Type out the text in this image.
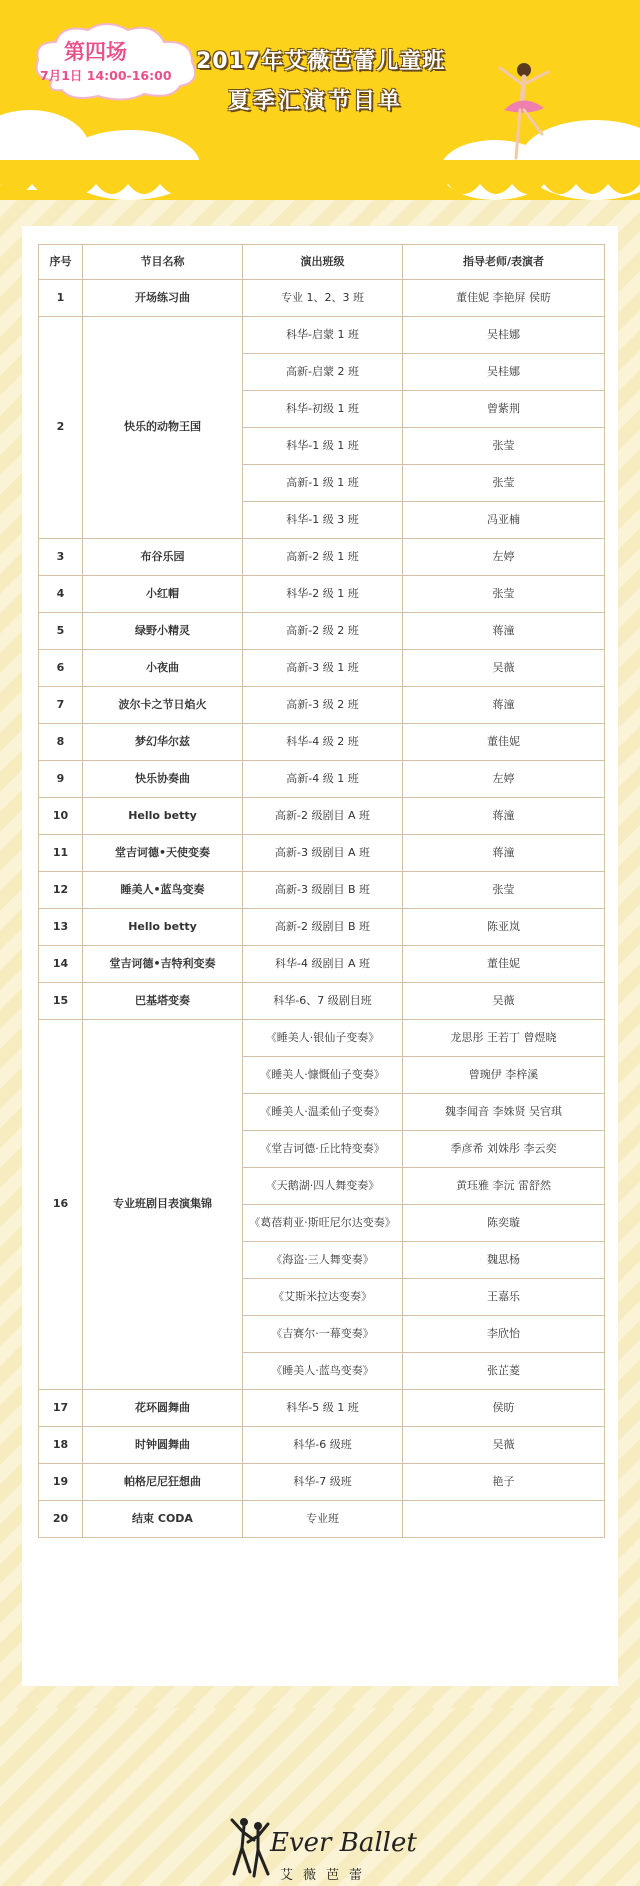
第四场
7月1日 14:00-16:00
2017年艾薇芭蕾儿童班
夏季汇演节目单
序号	节目名称	演出班级	指导老师/表演者
1	开场练习曲	专业 1、2、3 班	董佳妮 李艳屏 侯昉
2	快乐的动物王国	科华-启蒙 1 班	吴桂娜
		高新-启蒙 2 班	吴桂娜
		科华-初级 1 班	曾紫荆
		科华-1 级 1 班	张莹
		高新-1 级 1 班	张莹
		科华-1 级 3 班	冯亚楠
3	布谷乐园	高新-2 级 1 班	左婷
4	小红帽	科华-2 级 1 班	张莹
5	绿野小精灵	高新-2 级 2 班	蒋潼
6	小夜曲	高新-3 级 1 班	吴薇
7	波尔卡之节日焰火	高新-3 级 2 班	蒋潼
8	梦幻华尔兹	科华-4 级 2 班	董佳妮
9	快乐协奏曲	高新-4 级 1 班	左婷
10	Hello betty	高新-2 级剧目 A 班	蒋潼
11	堂吉诃德•天使变奏	高新-3 级剧目 A 班	蒋潼
12	睡美人•蓝鸟变奏	高新-3 级剧目 B 班	张莹
13	Hello betty	高新-2 级剧目 B 班	陈亚岚
14	堂吉诃德•吉特利变奏	科华-4 级剧目 A 班	董佳妮
15	巴基塔变奏	科华-6、7 级剧目班	吴薇
16	专业班剧目表演集锦	《睡美人·银仙子变奏》	龙思彤 王若丁 曾煜晓
		《睡美人·慷慨仙子变奏》	曾琬伊 李梓溪
		《睡美人·温柔仙子变奏》	魏李闻音 李姝贤 吴官琪
		《堂吉诃德·丘比特变奏》	季彦希 刘姝彤 李云奕
		《天鹅湖·四人舞变奏》	黄珏雅 李沅 雷舒然
		《葛蓓莉亚·斯旺尼尔达变奏》	陈奕璇
		《海盗·三人舞变奏》	魏思杨
		《艾斯米拉达变奏》	王嘉乐
		《吉赛尔·一幕变奏》	李欣怡
		《睡美人·蓝鸟变奏》	张芷菱
17	花环圆舞曲	科华-5 级 1 班	侯昉
18	时钟圆舞曲	科华-6 级班	吴薇
19	帕格尼尼狂想曲	科华-7 级班	艳子
20	结束 CODA	专业班	
Ever Ballet
艾薇芭蕾
